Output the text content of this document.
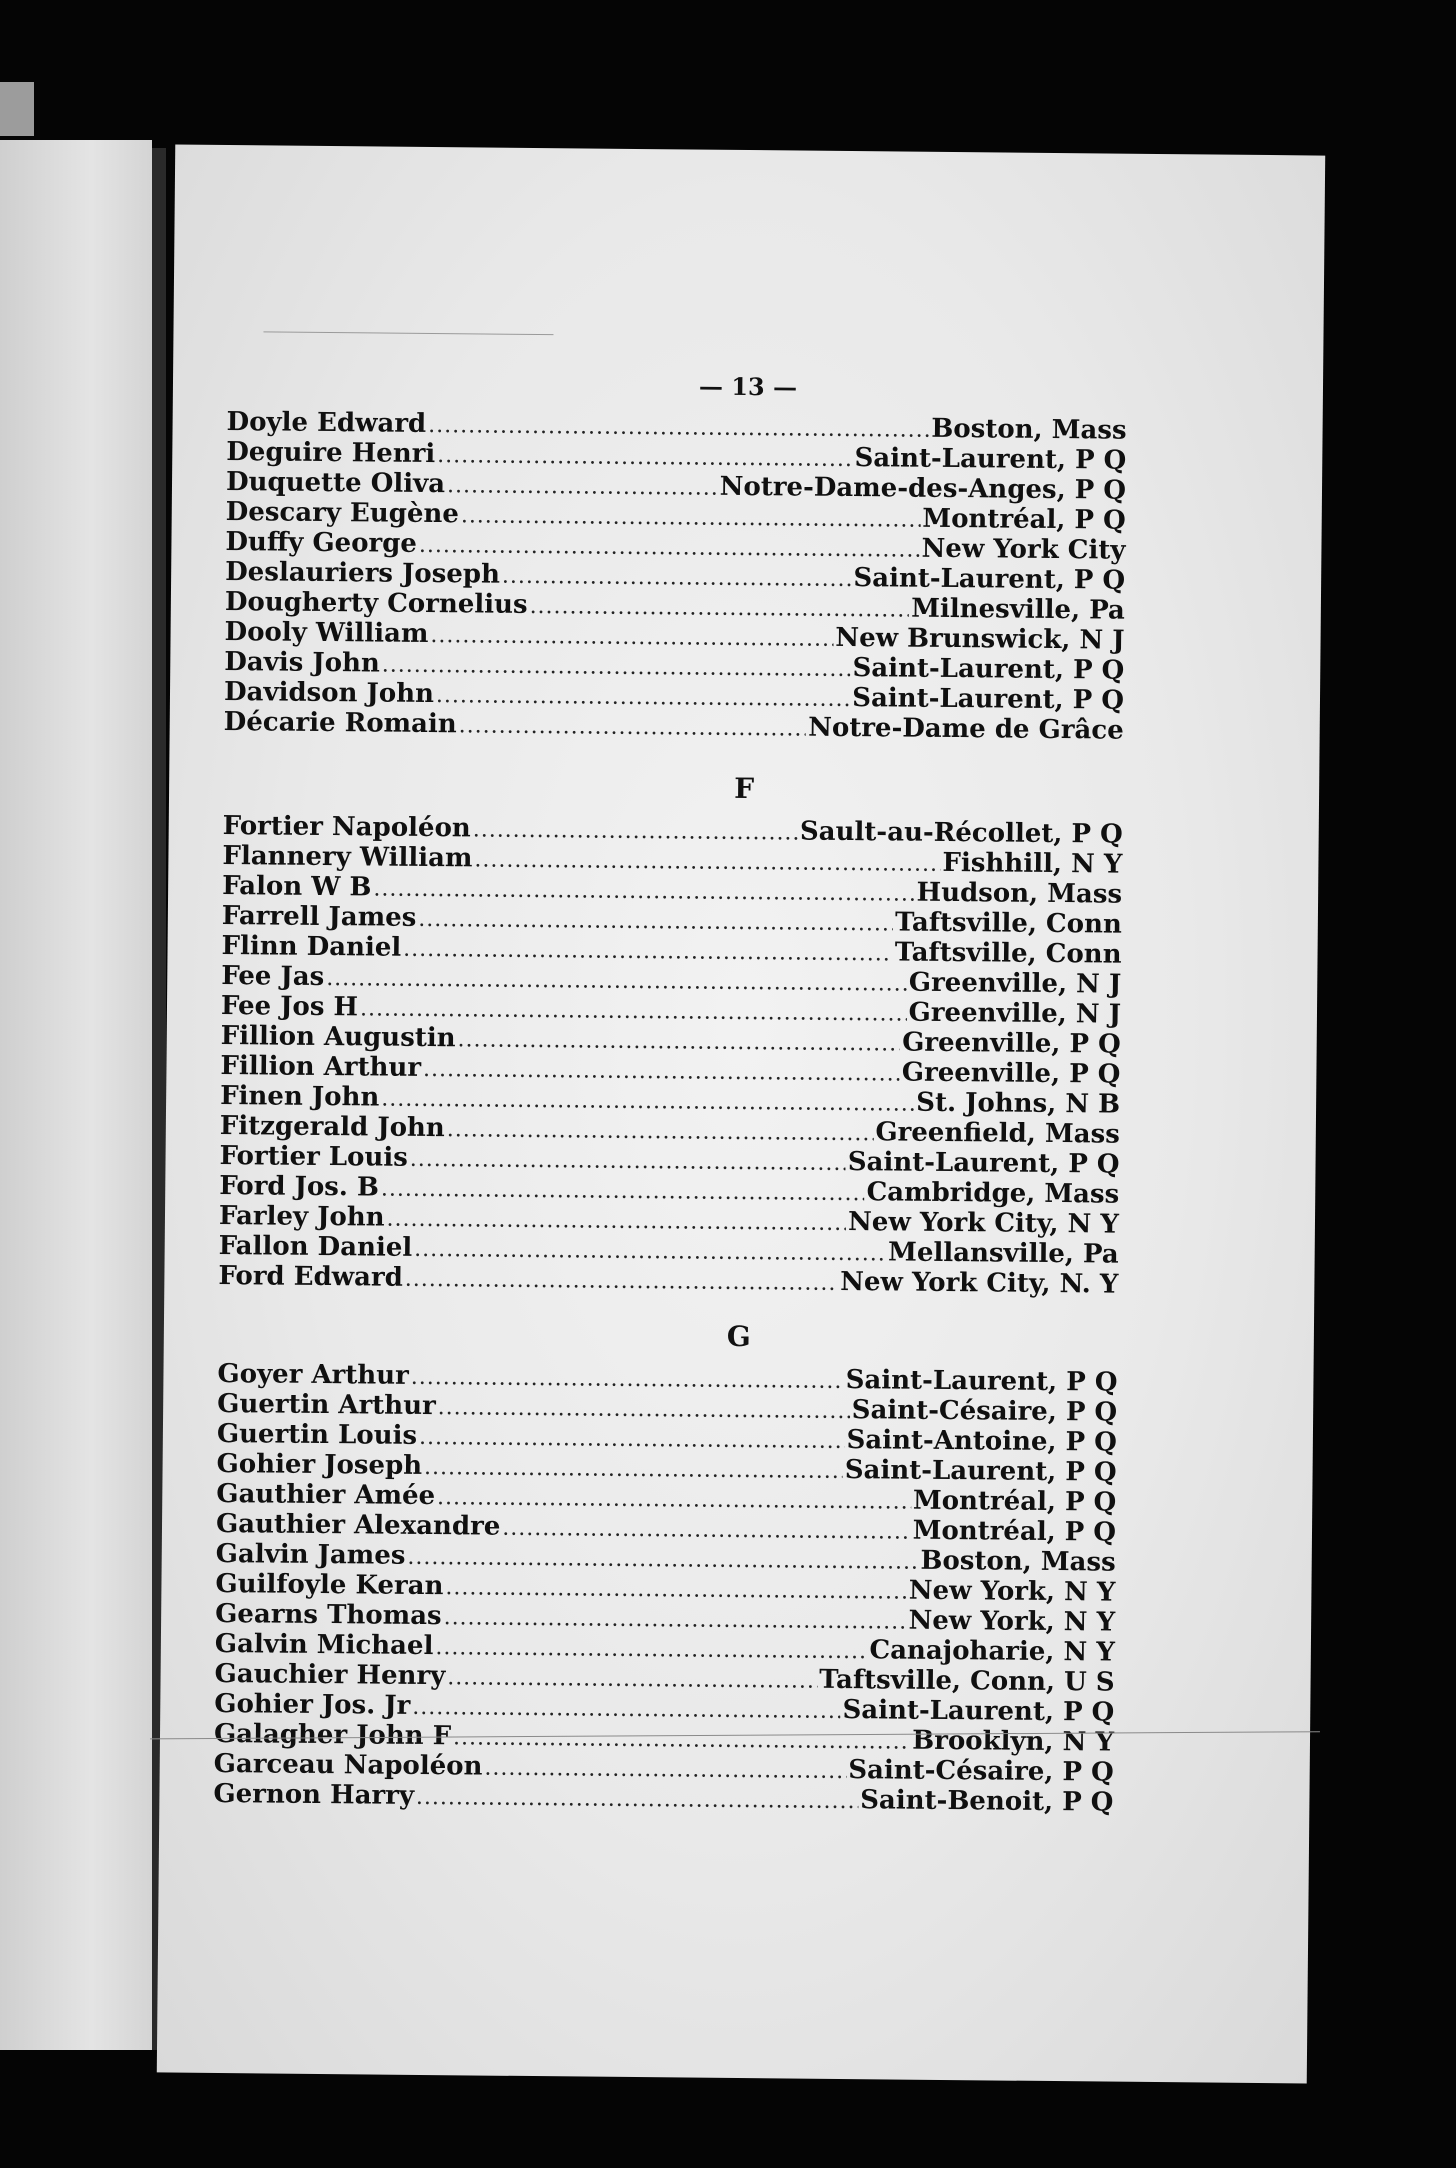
— 13 —
Doyle Edward .....	Boston, Mass
Deguire Henri .....	Saint-Laurent, P Q
Duquette Oliva .....	Notre-Dame-des-Anges, P Q
Descary Eugène .....	Montréal, P Q
Duffy George .....	New York City
Deslauriers Joseph .....	Saint-Laurent, P Q
Dougherty Cornelius .....	Milnesville, Pa
Dooly William .....	New Brunswick, N J
Davis John .....	Saint-Laurent, P Q
Davidson John .....	Saint-Laurent, P Q
Décarie Romain .....	Notre-Dame de Grâce
F
Fortier Napoléon .....	Sault-au-Récollet, P Q
Flannery William .....	Fishhill, N Y
Falon W B .....	Hudson, Mass
Farrell James .....	Taftsville, Conn
Flinn Daniel .....	Taftsville, Conn
Fee Jas .....	Greenville, N J
Fee Jos H .....	Greenville, N J
Fillion Augustin .....	Greenville, P Q
Fillion Arthur .....	Greenville, P Q
Finen John .....	St. Johns, N B
Fitzgerald John .....	Greenfield, Mass
Fortier Louis .....	Saint-Laurent, P Q
Ford Jos. B .....	Cambridge, Mass
Farley John .....	New York City, N Y
Fallon Daniel .....	Mellansville, Pa
Ford Edward .....	New York City, N. Y
G
Goyer Arthur .....	Saint-Laurent, P Q
Guertin Arthur .....	Saint-Césaire, P Q
Guertin Louis .....	Saint-Antoine, P Q
Gohier Joseph .....	Saint-Laurent, P Q
Gauthier Amée .....	Montréal, P Q
Gauthier Alexandre .....	Montréal, P Q
Galvin James .....	Boston, Mass
Guilfoyle Keran .....	New York, N Y
Gearns Thomas .....	New York, N Y
Galvin Michael .....	Canajoharie, N Y
Gauchier Henry .....	Taftsville, Conn, U S
Gohier Jos. Jr .....	Saint-Laurent, P Q
Galagher John F .....	Brooklyn, N Y
Garceau Napoléon .....	Saint-Césaire, P Q
Gernon Harry .....	Saint-Benoit, P Q
